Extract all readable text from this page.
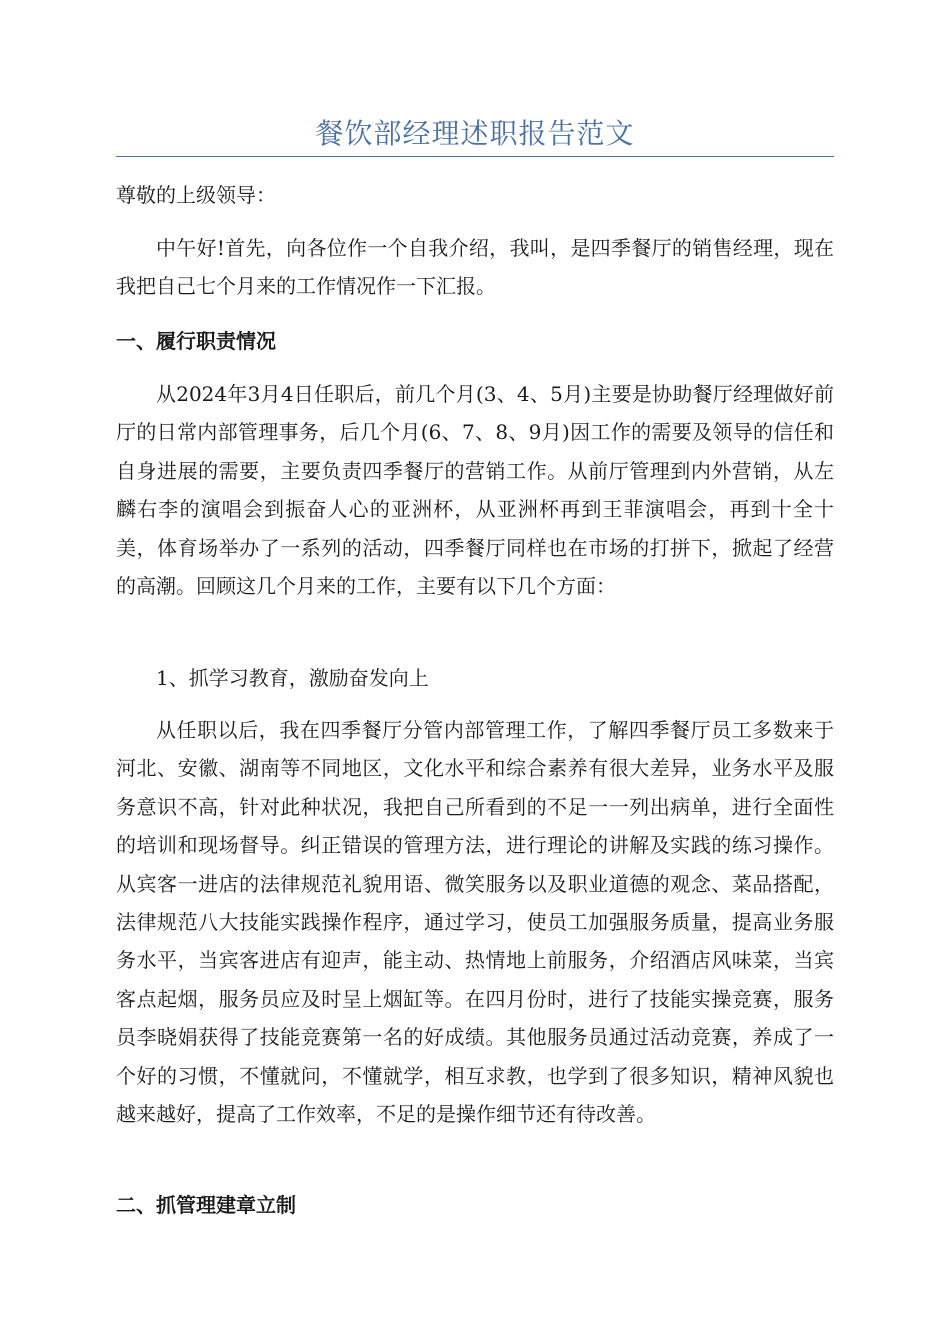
餐饮部经理述职报告范文

尊敬的上级领导：

中午好!首先，向各位作一个自我介绍，我叫，是四季餐厅的销售经理，现在我把自己七个月来的工作情况作一下汇报。

一、履行职责情况

从2024年3月4日任职后，前几个月(3、4、5月)主要是协助餐厅经理做好前厅的日常内部管理事务，后几个月(6、7、8、9月)因工作的需要及领导的信任和自身进展的需要，主要负责四季餐厅的营销工作。从前厅管理到内外营销，从左麟右李的演唱会到振奋人心的亚洲杯，从亚洲杯再到王菲演唱会，再到十全十美，体育场举办了一系列的活动，四季餐厅同样也在市场的打拼下，掀起了经营的高潮。回顾这几个月来的工作，主要有以下几个方面：

1、抓学习教育，激励奋发向上

从任职以后，我在四季餐厅分管内部管理工作，了解四季餐厅员工多数来于河北、安徽、湖南等不同地区，文化水平和综合素养有很大差异，业务水平及服务意识不高，针对此种状况，我把自己所看到的不足一一列出病单，进行全面性的培训和现场督导。纠正错误的管理方法，进行理论的讲解及实践的练习操作。从宾客一进店的法律规范礼貌用语、微笑服务以及职业道德的观念、菜品搭配，法律规范八大技能实践操作程序，通过学习，使员工加强服务质量，提高业务服务水平，当宾客进店有迎声，能主动、热情地上前服务，介绍酒店风味菜，当宾客点起烟，服务员应及时呈上烟缸等。在四月份时，进行了技能实操竞赛，服务员李晓娟获得了技能竞赛第一名的好成绩。其他服务员通过活动竞赛，养成了一个好的习惯，不懂就问，不懂就学，相互求教，也学到了很多知识，精神风貌也越来越好，提高了工作效率，不足的是操作细节还有待改善。

二、抓管理建章立制
